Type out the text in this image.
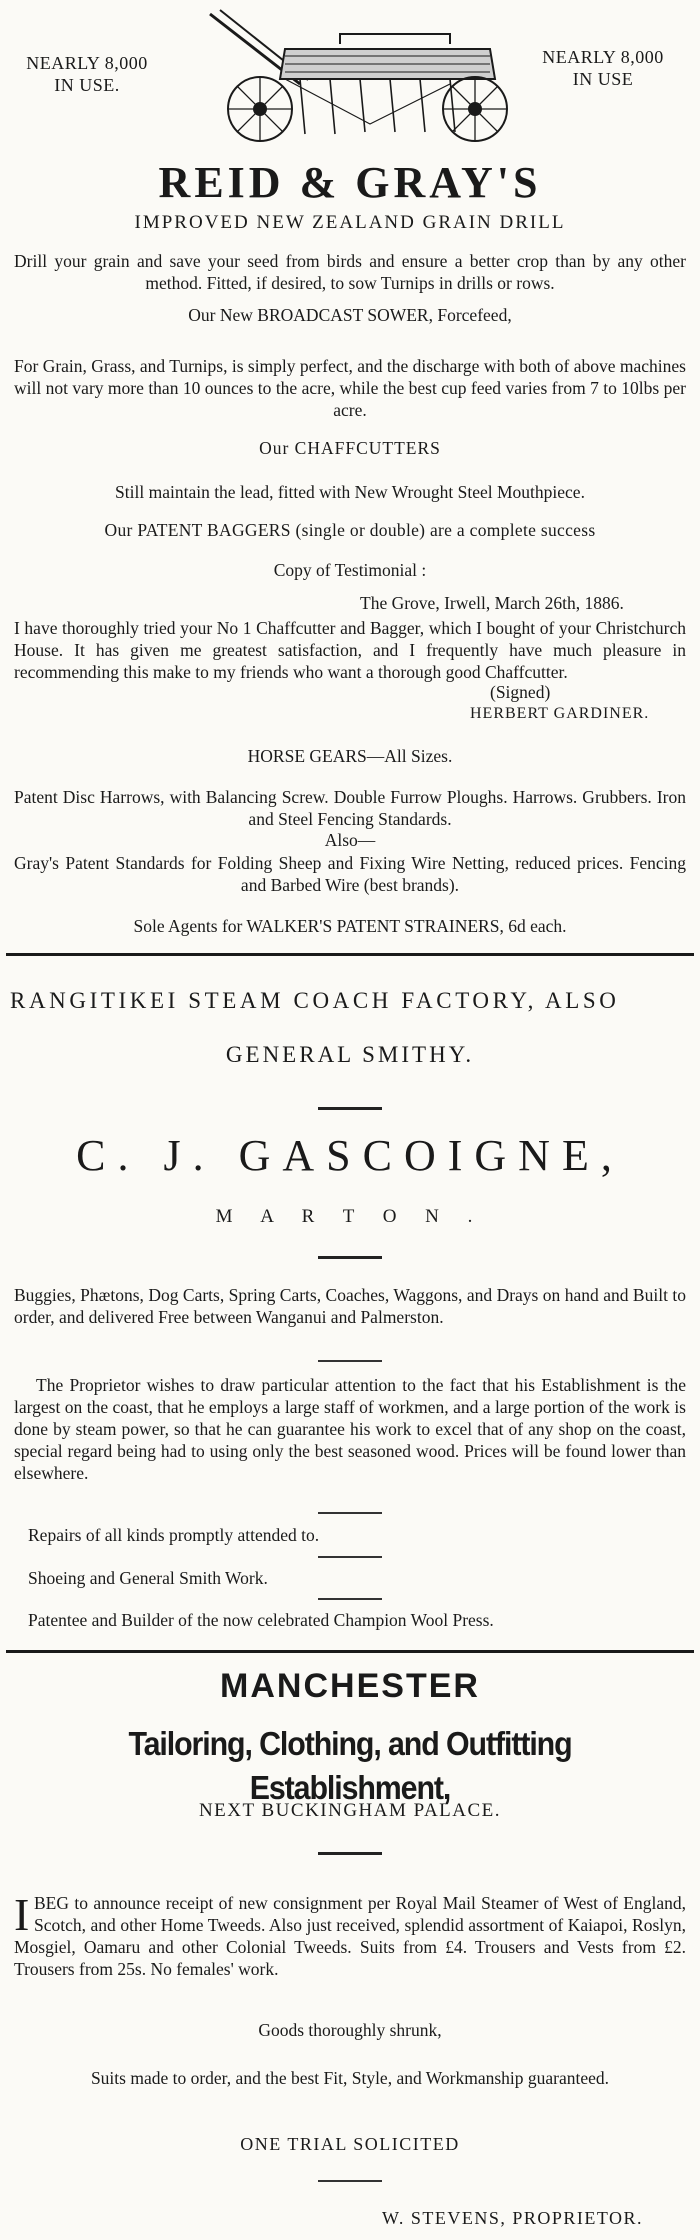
NEARLY 8,000
IN USE.
NEARLY 8,000
IN USE
REID & GRAY'S
IMPROVED NEW ZEALAND GRAIN DRILL
Drill your grain and save your seed from birds and ensure a better crop than by any other method. Fitted, if desired, to sow Turnips in drills or rows.
Our New BROADCAST SOWER, Forcefeed,
For Grain, Grass, and Turnips, is simply perfect, and the discharge with both of above machines will not vary more than 10 ounces to the acre, while the best cup feed varies from 7 to 10lbs per acre.
Our CHAFFCUTTERS
Still maintain the lead, fitted with New Wrought Steel Mouthpiece.
Our PATENT BAGGERS (single or double) are a complete success
Copy of Testimonial :
The Grove, Irwell, March 26th, 1886.
I have thoroughly tried your No 1 Chaffcutter and Bagger, which I bought of your Christchurch House. It has given me greatest satisfaction, and I frequently have much pleasure in recommending this make to my friends who want a thorough good Chaffcutter.
(Signed)
HERBERT GARDINER.
HORSE GEARS—All Sizes.
Patent Disc Harrows, with Balancing Screw. Double Furrow Ploughs. Harrows. Grubbers. Iron and Steel Fencing Standards.
Also—
Gray's Patent Standards for Folding Sheep and Fixing Wire Netting, reduced prices. Fencing and Barbed Wire (best brands).
Sole Agents for WALKER'S PATENT STRAINERS, 6d each.
RANGITIKEI STEAM COACH FACTORY, ALSO
GENERAL SMITHY.
C. J. GASCOIGNE,
M A R T O N .
Buggies, Phætons, Dog Carts, Spring Carts, Coaches, Waggons, and Drays on hand and Built to order, and delivered Free between Wanganui and Palmerston.
The Proprietor wishes to draw particular attention to the fact that his Establishment is the largest on the coast, that he employs a large staff of workmen, and a large portion of the work is done by steam power, so that he can guarantee his work to excel that of any shop on the coast, special regard being had to using only the best seasoned wood. Prices will be found lower than elsewhere.
Repairs of all kinds promptly attended to.
Shoeing and General Smith Work.
Patentee and Builder of the now celebrated Champion Wool Press.
MANCHESTER
Tailoring, Clothing, and Outfitting Establishment,
NEXT BUCKINGHAM PALACE.
I BEG to announce receipt of new consignment per Royal Mail Steamer of West of England, Scotch, and other Home Tweeds. Also just received, splendid assortment of Kaiapoi, Roslyn, Mosgiel, Oamaru and other Colonial Tweeds. Suits from £4. Trousers and Vests from £2. Trousers from 25s. No females' work.
Goods thoroughly shrunk,
Suits made to order, and the best Fit, Style, and Workmanship guaranteed.
ONE TRIAL SOLICITED
W. STEVENS, PROPRIETOR.
